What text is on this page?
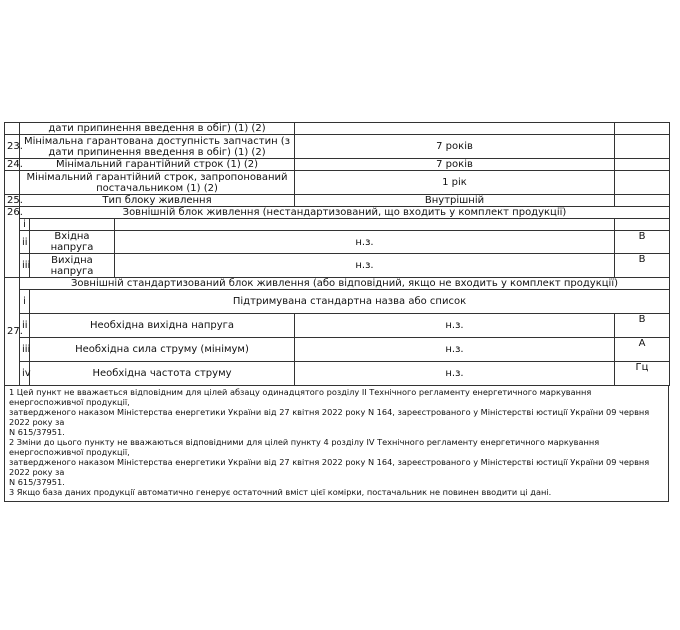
	дати припинення введення в обіг) (1) (2)				
23.	Мінімальна гарантована доступність запчастин (з дати припинення введення в обіг) (1) (2)			7 років	
24.	Мінімальний гарантійний строк (1) (2)			7 років	
	Мінімальний гарантійний строк, запропонований постачальником (1) (2)			1 рік	
25.	Тип блоку живлення			Внутрішній	
26.	Зовнішній блок живлення (нестандартизований, що входить у комплект продукції)				
	i				
	ii	Вхідна напруга	н.з.		В
	iii	Вихідна напруга	н.з.		В
27.	Зовнішній стандартизований блок живлення (або відповідний, якщо не входить у комплект продукції)				
	i	Підтримувана стандартна назва або список			
	ii	Необхідна вихідна напруга		н.з.	В
	iii	Необхідна сила струму (мінімум)		н.з.	А
	iv	Необхідна частота струму		н.з.	Гц
1 Цей пункт не вважається відповідним для цілей абзацу одинадцятого розділу II Технічного регламенту енергетичного маркування енергоспоживчої продукції,
затвердженого наказом Міністерства енергетики України від 27 квітня 2022 року N 164, зареєстрованого у Міністерстві юстиції України 09 червня 2022 року за
N 615/37951.
2 Зміни до цього пункту не вважаються відповідними для цілей пункту 4 розділу IV Технічного регламенту енергетичного маркування енергоспоживчої продукції,
затвердженого наказом Міністерства енергетики України від 27 квітня 2022 року N 164, зареєстрованого у Міністерстві юстиції України 09 червня 2022 року за
N 615/37951.
3 Якщо база даних продукції автоматично генерує остаточний вміст цієї комірки, постачальник не повинен вводити ці дані.
